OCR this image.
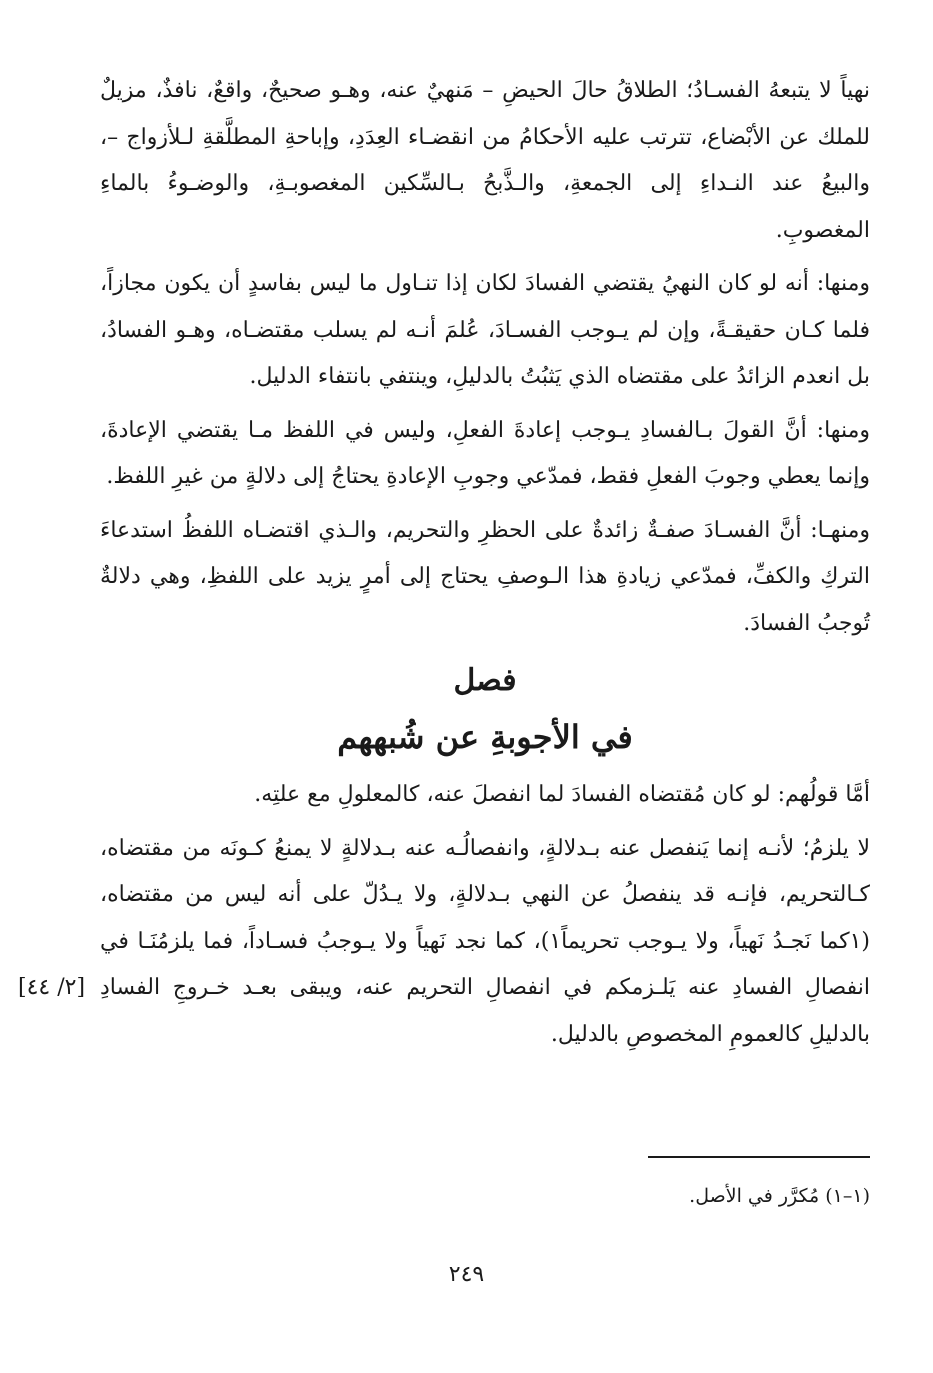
نهياً لا يتبعهُ الفسـادُ؛ الطلاقُ حالَ الحيضِ – مَنهيٌ عنه، وهـو صحيحٌ، واقعٌ، نافذٌ، مزيلٌ للملك عن الأبْضاع، تترتب عليه الأحكامُ من انقضـاء العِدَدِ، وإباحةِ المطلَّقةِ لـلأزواج –، والبيعُ عند النـداءِ إلى الجمعةِ، والـذَّبحُ بـالسِّكين المغصوبـةِ، والوضـوءُ بالماءِ المغصوبِ.

ومنها: أنه لو كان النهيُ يقتضي الفسادَ لكان إذا تنـاول ما ليس بفاسدٍ أن يكون مجازاً، فلما كـان حقيقـةً، وإن لم يـوجب الفسـادَ، عُلمَ أنـه لم يسلب مقتضـاه، وهـو الفسادُ، بل انعدم الزائدُ على مقتضاه الذي يَثبُتُ بالدليلِ، وينتفي بانتفاء الدليل.

ومنها: أنَّ القولَ بـالفسادِ يـوجب إعادةَ الفعلِ، وليس في اللفظ مـا يقتضي الإعادةَ، وإنما يعطي وجوبَ الفعلِ فقط، فمدّعي وجوبِ الإعادةِ يحتاجُ إلى دلالةٍ من غيرِ اللفظ.

ومنهـا: أنَّ الفسـادَ صفـةٌ زائدةٌ على الحظرِ والتحريم، والـذي اقتضـاه اللفظُ استدعاءَ التركِ والكفِّ، فمدّعي زيادةِ هذا الـوصفِ يحتاج إلى أمرٍ يزيد على اللفظِ، وهي دلالةٌ تُوجبُ الفسادَ.

فصل
في الأجوبةِ عن شُبههم

أمَّا قولُهم: لو كان مُقتضاه الفسادَ لما انفصلَ عنه، كالمعلولِ مع علتِه.

لا يلزمُ؛ لأنـه إنما يَنفصل عنه بـدلالةٍ، وانفصالُـه عنه بـدلالةٍ لا يمنعُ كـونَه من مقتضاه، كـالتحريم، فإنـه قد ينفصلُ عن النهي بـدلالةٍ، ولا يـدُلّ على أنه ليس من مقتضاه، (١كما نَجـدُ نَهياً، ولا يـوجب تحريماً١)، كما نجد نَهياً ولا يـوجبُ فسـاداً، فما يلزمُنَـا في انفصالِ الفسادِ عنه يَلـزمكم في انفصالِ التحريم عنه، ويبقى بعـد خـروجِ
[٢/ ٤٤] الفسادِ بالدليلِ كالعمومِ المخصوصِ بالدليل.

(١–١) مُكرَّر في الأصل.
٢٤٩
